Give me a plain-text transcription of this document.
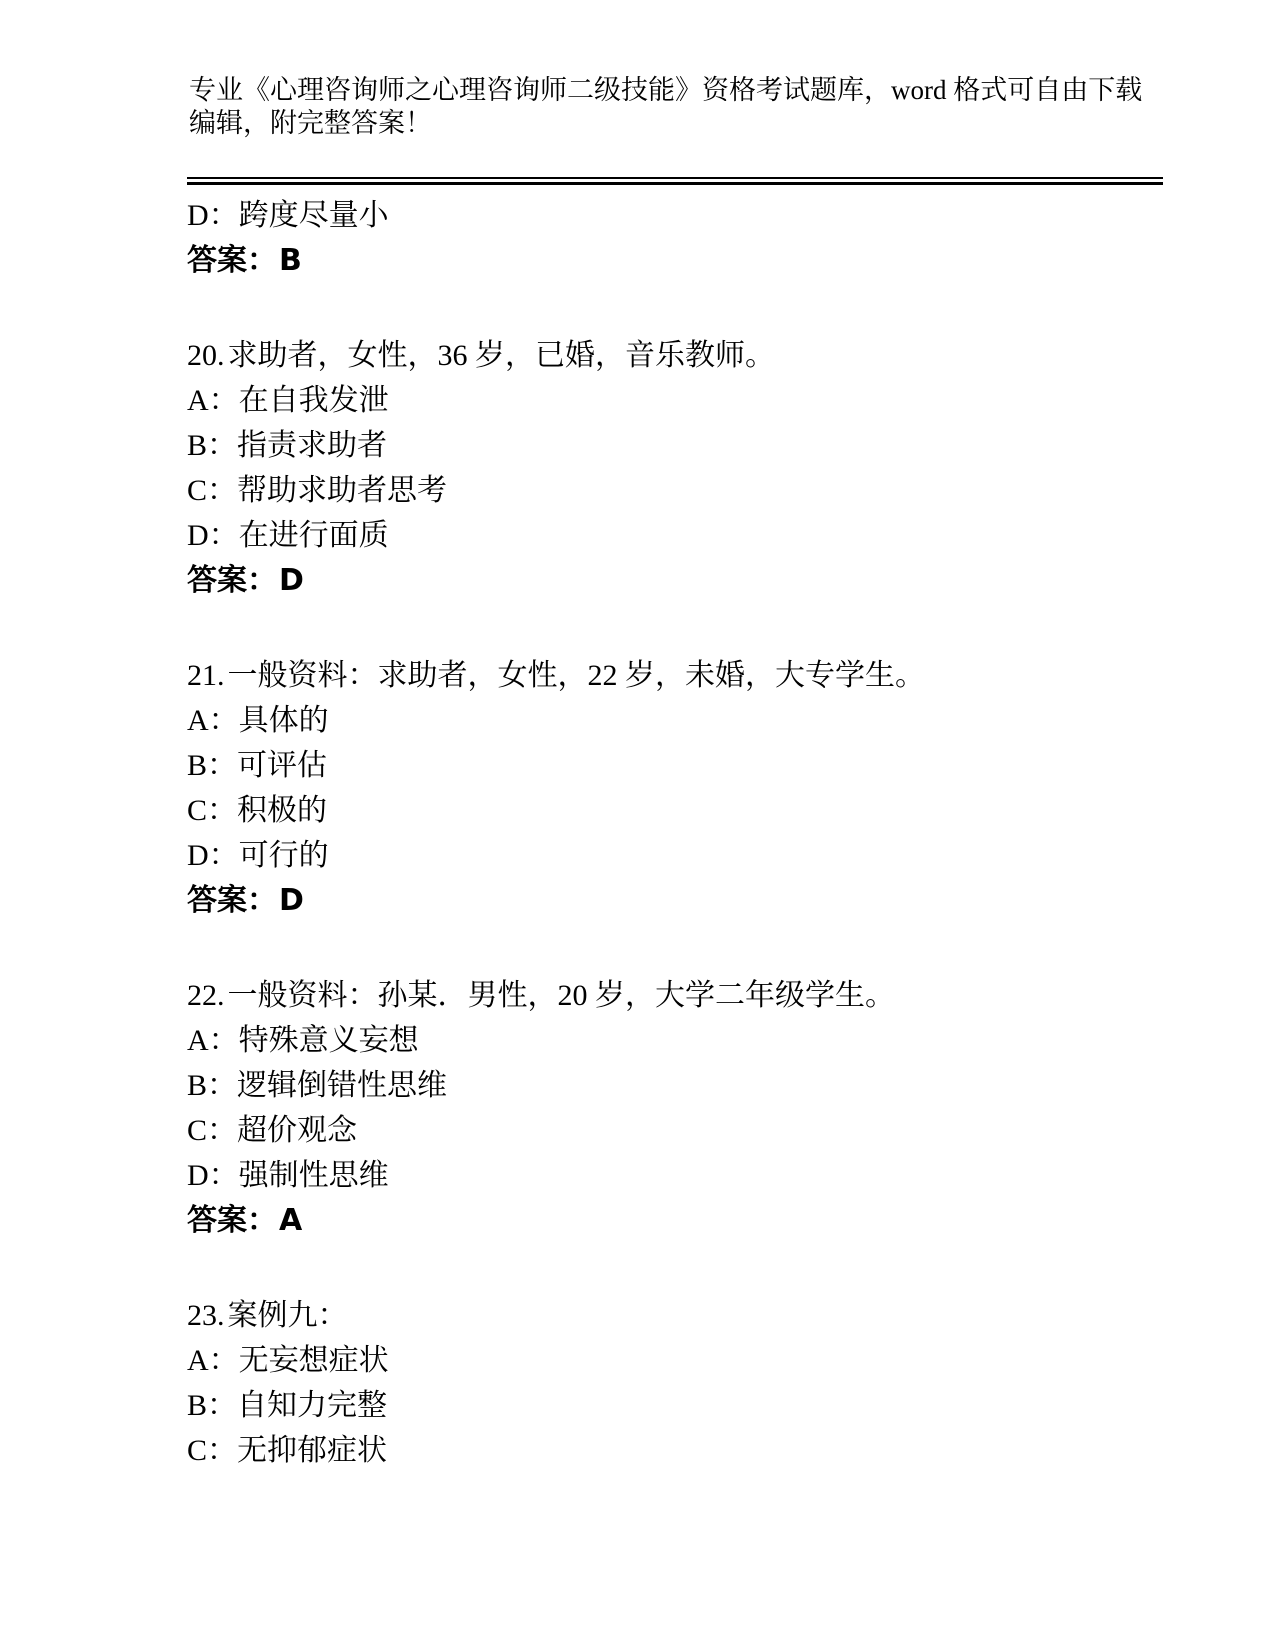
专业《心理咨询师之心理咨询师二级技能》资格考试题库，word 格式可自由下载
编辑，附完整答案！
D：跨度尽量小
答案：B
20. 求助者，女性，36 岁，已婚，音乐教师。
A：在自我发泄
B：指责求助者
C：帮助求助者思考
D：在进行面质
答案：D
21. 一般资料：求助者，女性，22 岁，未婚，大专学生。
A：具体的
B：可评估
C：积极的
D：可行的
答案：D
22. 一般资料：孙某．男性，20 岁，大学二年级学生。
A：特殊意义妄想
B：逻辑倒错性思维
C：超价观念
D：强制性思维
答案：A
23. 案例九：
A：无妄想症状
B：自知力完整
C：无抑郁症状
